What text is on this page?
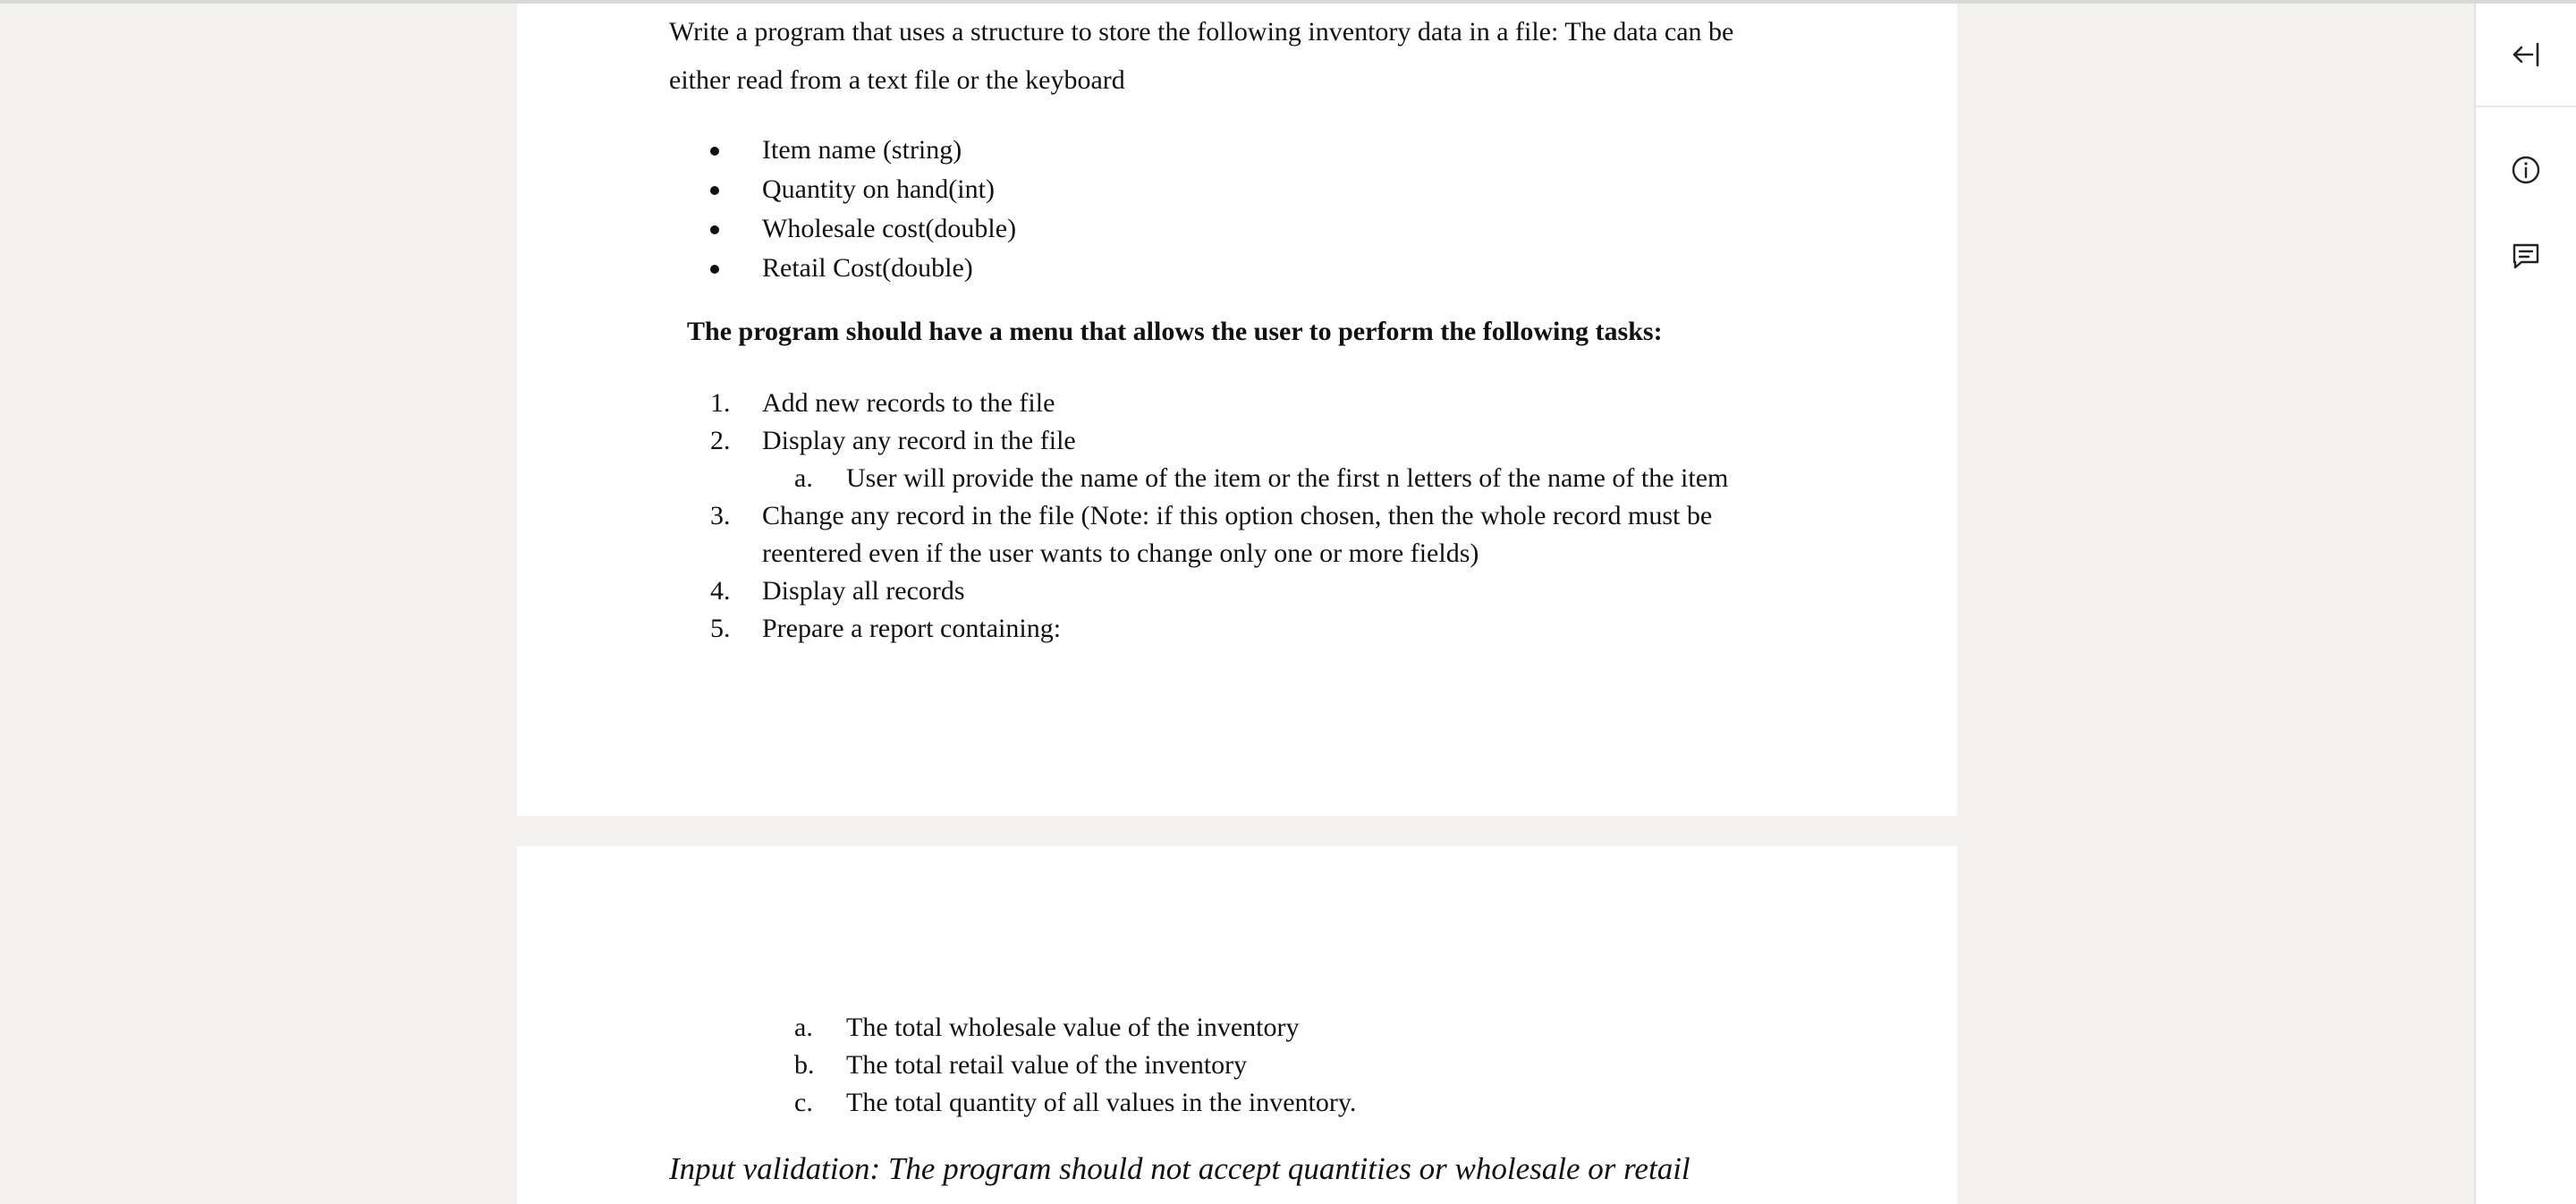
Write a program that uses a structure to store the following inventory data in a file: The data can be either read from a text file or the keyboard
Item name (string)
Quantity on hand(int)
Wholesale cost(double)
Retail Cost(double)
The program should have a menu that allows the user to perform the following tasks:
1. Add new records to the file
2. Display any record in the file
a. User will provide the name of the item or the first n letters of the name of the item
3. Change any record in the file (Note: if this option chosen, then the whole record must be reentered even if the user wants to change only one or more fields)
4. Display all records
5. Prepare a report containing:
a. The total wholesale value of the inventory
b. The total retail value of the inventory
c. The total quantity of all values in the inventory.
Input validation: The program should not accept quantities or wholesale or retail
